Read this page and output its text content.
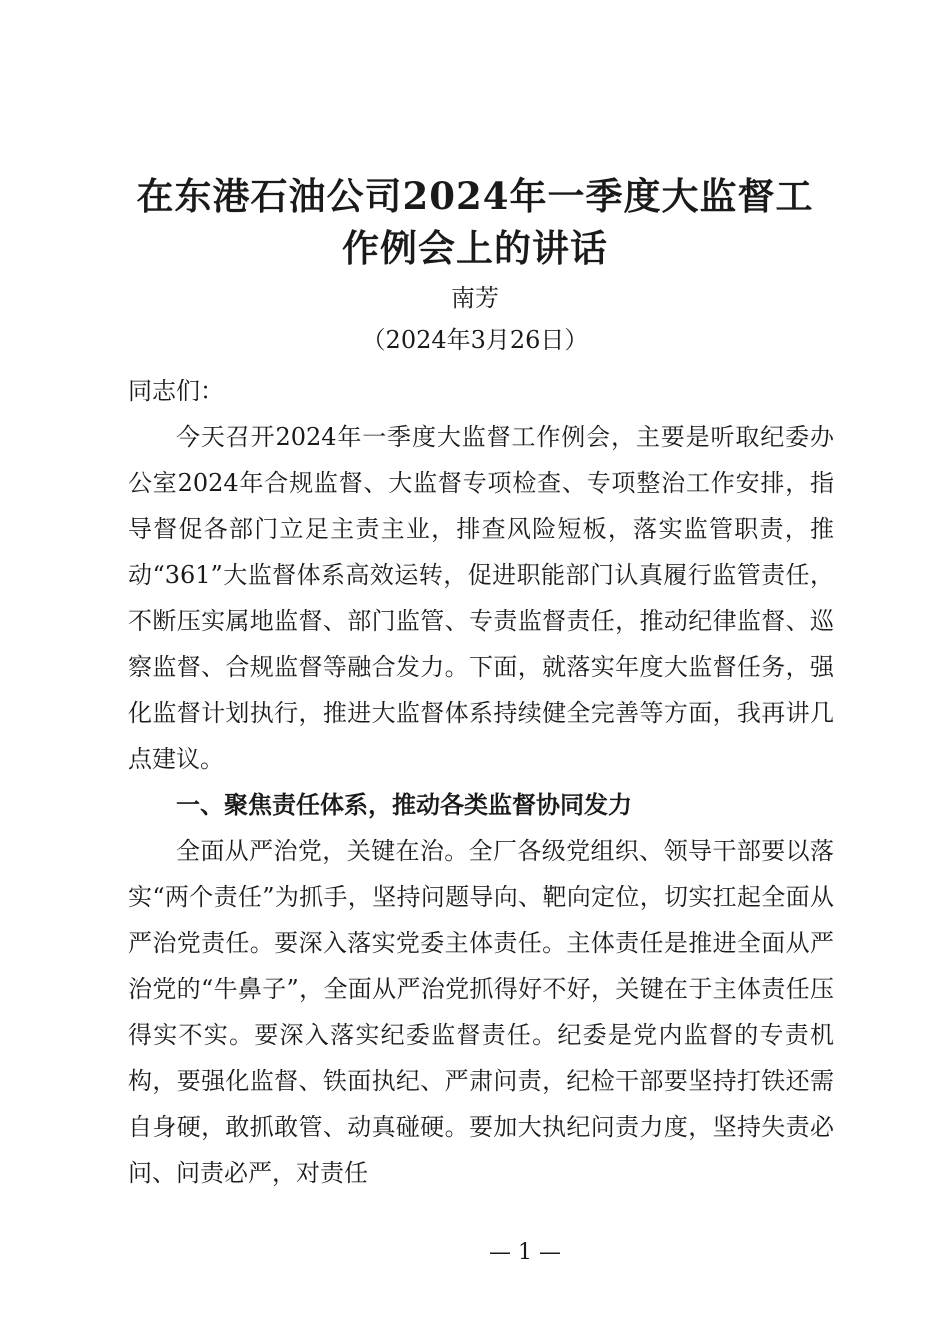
在东港石油公司2024年一季度大监督工作例会上的讲话
南芳
（2024年3月26日）

同志们：

今天召开2024年一季度大监督工作例会，主要是听取纪委办公室2024年合规监督、大监督专项检查、专项整治工作安排，指导督促各部门立足主责主业，排查风险短板，落实监管职责，推动“361”大监督体系高效运转，促进职能部门认真履行监管责任，不断压实属地监督、部门监管、专责监督责任，推动纪律监督、巡察监督、合规监督等融合发力。下面，就落实年度大监督任务，强化监督计划执行，推进大监督体系持续健全完善等方面，我再讲几点建议。

一、聚焦责任体系，推动各类监督协同发力

全面从严治党，关键在治。全厂各级党组织、领导干部要以落实“两个责任”为抓手，坚持问题导向、靶向定位，切实扛起全面从严治党责任。要深入落实党委主体责任。主体责任是推进全面从严治党的“牛鼻子”，全面从严治党抓得好不好，关键在于主体责任压得实不实。要深入落实纪委监督责任。纪委是党内监督的专责机构，要强化监督、铁面执纪、严肃问责，纪检干部要坚持打铁还需自身硬，敢抓敢管、动真碰硬。要加大执纪问责力度，坚持失责必问、问责必严，对责任

— 1 —
